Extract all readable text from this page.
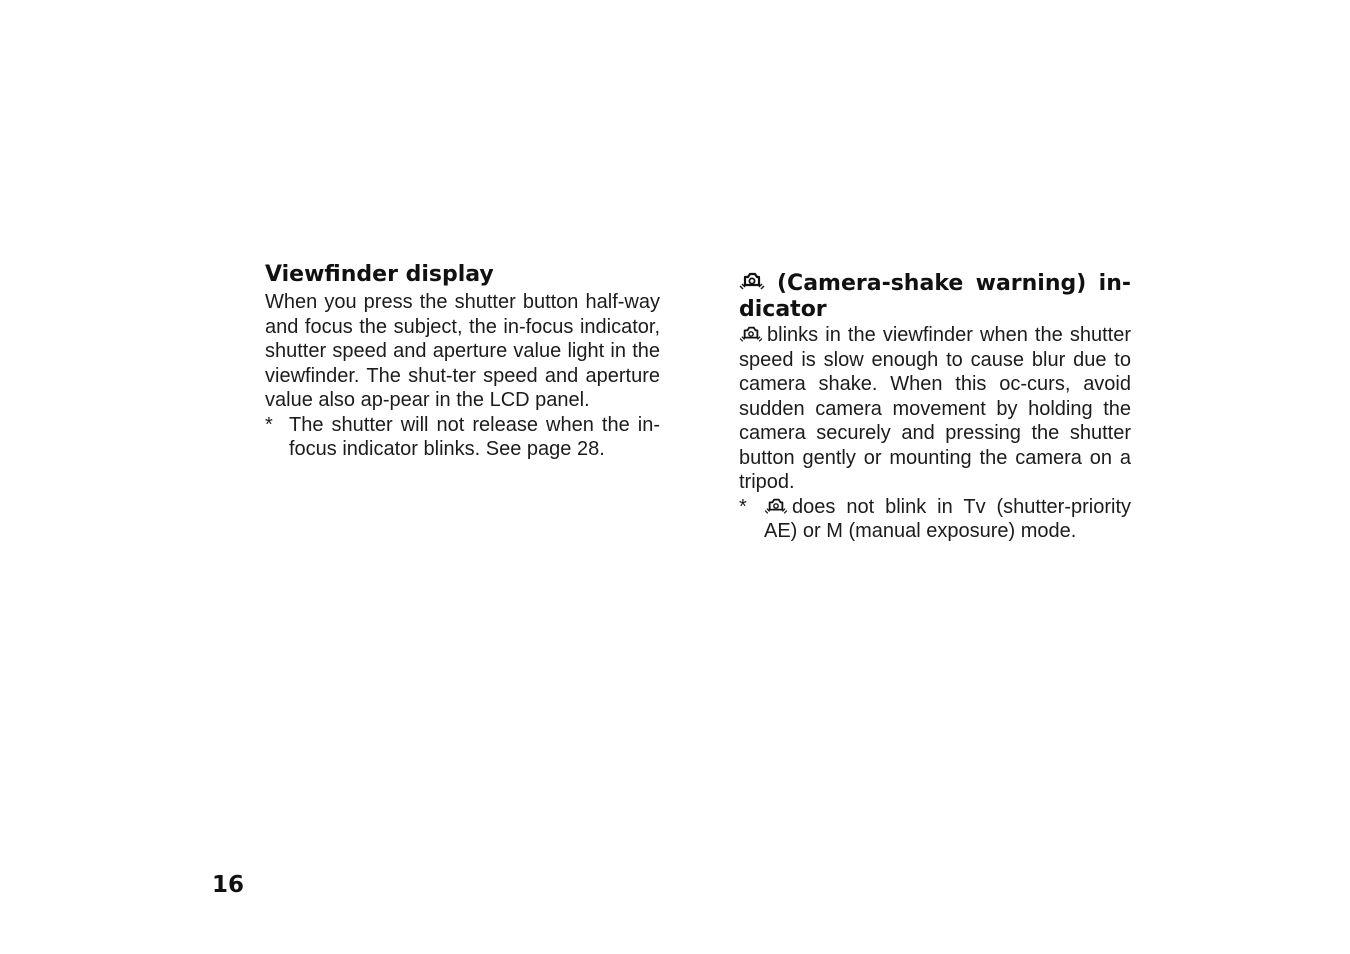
Viewfinder display

When you press the shutter button half-way and focus the subject, the in-focus indicator, shutter speed and aperture value light in the viewfinder. The shut-ter speed and aperture value also ap-pear in the LCD panel.

* The shutter will not release when the in-focus indicator blinks. See page 28.
(Camera-shake warning) in-dicator

blinks in the viewfinder when the shutter speed is slow enough to cause blur due to camera shake. When this oc-curs, avoid sudden camera movement by holding the camera securely and pressing the shutter button gently or mounting the camera on a tripod.

* does not blink in Tv (shutter-priority AE) or M (manual exposure) mode.
16
